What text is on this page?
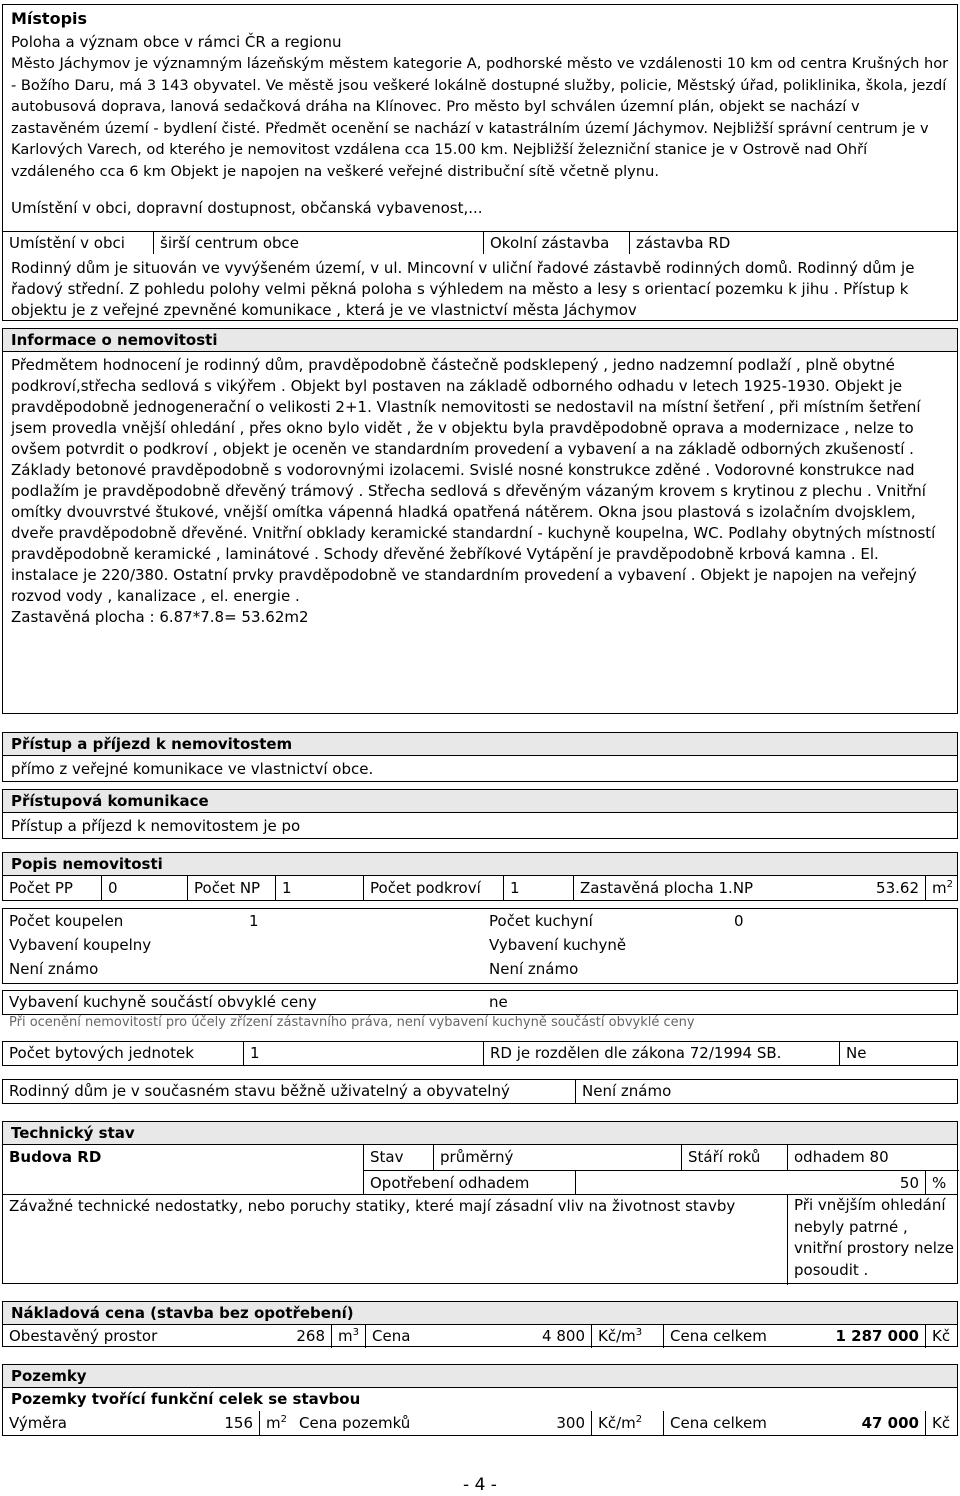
Místopis
Poloha a význam obce v rámci ČR a regionu

Město Jáchymov je významným lázeňským městem kategorie A, podhorské město ve vzdálenosti 10 km od centra Krušných hor - Božího Daru, má 3 143 obyvatel. Ve městě jsou veškeré lokálně dostupné služby, policie, Městský úřad, poliklinika, škola, jezdí autobusová doprava, lanová sedačková dráha na Klínovec. Pro město byl schválen územní plán, objekt se nachází v zastavěném území - bydlení čisté. Předmět ocenění se nachází v katastrálním území Jáchymov. Nejbližší správní centrum je v Karlových Varech, od kterého je nemovitost vzdálena cca 15.00 km. Nejbližší železniční stanice je v Ostrově nad Ohří vzdáleného cca 6 km Objekt je napojen na veškeré veřejné distribuční sítě včetně plynu.

Umístění v obci, dopravní dostupnost, občanská vybavenost,...
Umístění v obci	širší centrum obce	Okolní zástavba	zástavba RD

Rodinný dům je situován ve vyvýšeném území, v ul. Mincovní v uliční řadové zástavbě rodinných domů. Rodinný dům je řadový střední. Z pohledu polohy velmi pěkná poloha s výhledem na město a lesy s orientací pozemku k jihu . Přístup k objektu je z veřejné zpevněné komunikace , která je ve vlastnictví města Jáchymov

Informace o nemovitosti

Předmětem hodnocení je rodinný dům, pravděpodobně částečně podsklepený , jedno nadzemní podlaží , plně obytné podkroví,střecha sedlová s vikýřem . Objekt byl postaven na základě odborného odhadu v letech 1925-1930. Objekt je pravděpodobně jednogenerační o velikosti 2+1. Vlastník nemovitosti se nedostavil na místní šetření , při místním šetření jsem provedla vnější ohledání , přes okno bylo vidět , že v objektu byla pravděpodobně oprava a modernizace , nelze to ovšem potvrdit o podkroví , objekt je oceněn ve standardním provedení a vybavení a na základě odborných zkušeností .

Základy betonové pravděpodobně s vodorovnými izolacemi. Svislé nosné konstrukce zděné . Vodorovné konstrukce nad podlažím je pravděpodobně dřevěný trámový . Střecha sedlová s dřevěným vázaným krovem s krytinou z plechu . Vnitřní omítky dvouvrstvé štukové, vnější omítka vápenná hladká opatřená nátěrem. Okna jsou plastová s izolačním dvojsklem, dveře pravděpodobně dřevěné. Vnitřní obklady keramické standardní - kuchyně koupelna, WC. Podlahy obytných místností pravděpodobně keramické , laminátové . Schody dřevěné žebříkové Vytápění je pravděpodobně krbová kamna . El. instalace je 220/380. Ostatní prvky pravděpodobně ve standardním provedení a vybavení . Objekt je napojen na veřejný rozvod vody , kanalizace , el. energie .

Zastavěná plocha : 6.87*7.8= 53.62m2

Přístup a příjezd k nemovitostem
přímo z veřejné komunikace ve vlastnictví obce.
Přístupová komunikace
Přístup a příjezd k nemovitostem je po
Popis nemovitosti
Počet PP	0	Počet NP	1	Počet podkroví	1	Zastavěná plocha 1.NP	53.62 $m^2$
Počet koupelen	1	Počet kuchyní	0
Vybavení koupelny	Vybavení kuchyně
Není známo	Není známo
Vybavení kuchyně součástí obvyklé ceny	ne
Při ocenění nemovitostí pro účely zřízení zástavního práva, není vybavení kuchyně součástí obvyklé ceny
Počet bytových jednotek	1	RD je rozdělen dle zákona 72/1994 SB.	Ne
Rodinný dům je v současném stavu běžně uživatelný a obyvatelný	Není známo
Technický stav
Budova RD	Stav	průměrný	Stáří roků	odhadem 80
Opotřebení odhadem	50 %
Závažné technické nedostatky, nebo poruchy statiky, které mají zásadní vliv na životnost stavby	Při vnějším ohledání nebyly patrné , vnitřní prostory nelze posoudit .
Nákladová cena (stavba bez opotřebení)
Obestavěný prostor	268 $m^3$ Cena	4 800 $Kč/m^3$	Cena celkem	1 287 000 Kč
Pozemky
Pozemky tvořící funkční celek se stavbou
Výměra	156 $m^2$ Cena pozemků	300 $Kč/m^2$	Cena celkem	47 000 Kč
- 4 -
